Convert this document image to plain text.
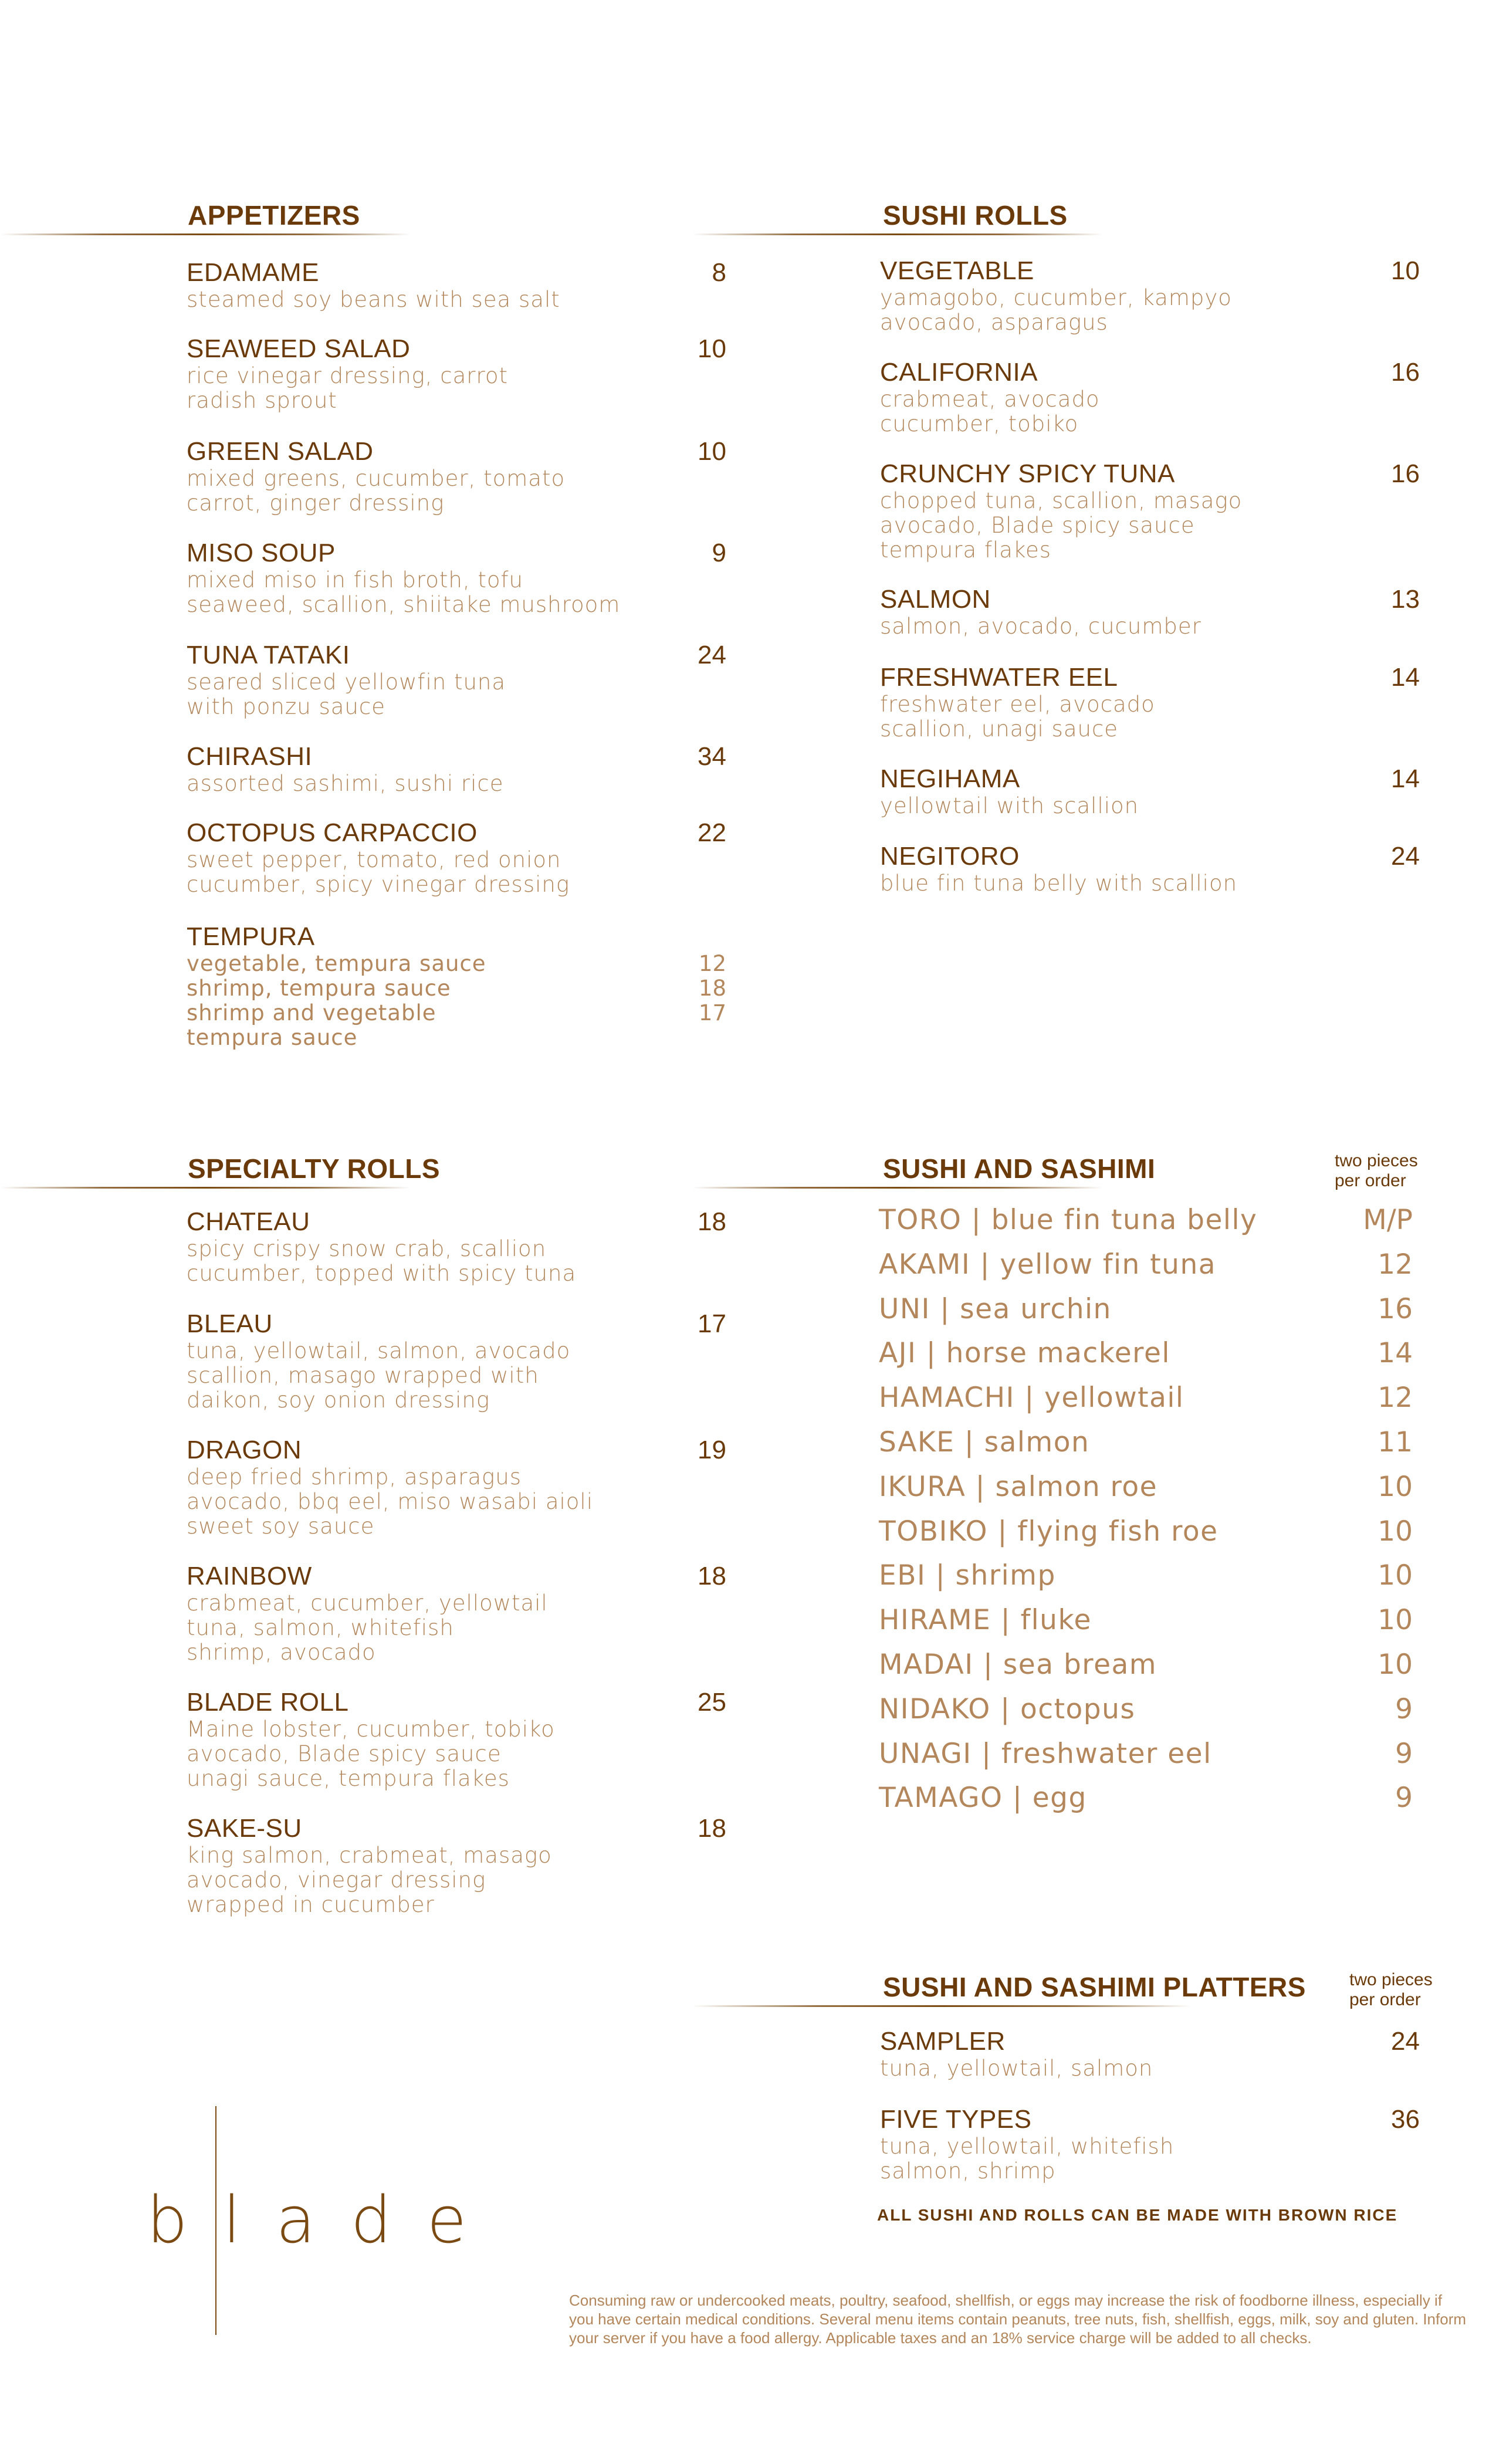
APPETIZERS
EDAMAME	8
steamed soy beans with sea salt
SEAWEED SALAD	10
rice vinegar dressing, carrot
radish sprout
GREEN SALAD	10
mixed greens, cucumber, tomato
carrot, ginger dressing
MISO SOUP	9
mixed miso in fish broth, tofu
seaweed, scallion, shiitake mushroom
TUNA TATAKI	24
seared sliced yellowfin tuna
with ponzu sauce
CHIRASHI	34
assorted sashimi, sushi rice
OCTOPUS CARPACCIO	22
sweet pepper, tomato, red onion
cucumber, spicy vinegar dressing
TEMPURA
vegetable, tempura sauce	12
shrimp, tempura sauce	18
shrimp and vegetable	17
tempura sauce
SUSHI ROLLS
VEGETABLE	10
yamagobo, cucumber, kampyo
avocado, asparagus
CALIFORNIA	16
crabmeat, avocado
cucumber, tobiko
CRUNCHY SPICY TUNA	16
chopped tuna, scallion, masago
avocado, Blade spicy sauce
tempura flakes
SALMON	13
salmon, avocado, cucumber
FRESHWATER EEL	14
freshwater eel, avocado
scallion, unagi sauce
NEGIHAMA	14
yellowtail with scallion
NEGITORO	24
blue fin tuna belly with scallion
SPECIALTY ROLLS
CHATEAU	18
spicy crispy snow crab, scallion
cucumber, topped with spicy tuna
BLEAU	17
tuna, yellowtail, salmon, avocado
scallion, masago wrapped with
daikon, soy onion dressing
DRAGON	19
deep fried shrimp, asparagus
avocado, bbq eel, miso wasabi aioli
sweet soy sauce
RAINBOW	18
crabmeat, cucumber, yellowtail
tuna, salmon, whitefish
shrimp, avocado
BLADE ROLL	25
Maine lobster, cucumber, tobiko
avocado, Blade spicy sauce
unagi sauce, tempura flakes
SAKE-SU	18
king salmon, crabmeat, masago
avocado, vinegar dressing
wrapped in cucumber
SUSHI AND SASHIMI	two pieces
per order
TORO | blue fin tuna belly	M/P
AKAMI | yellow fin tuna	12
UNI | sea urchin	16
AJI | horse mackerel	14
HAMACHI | yellowtail	12
SAKE | salmon	11
IKURA | salmon roe	10
TOBIKO | flying fish roe	10
EBI | shrimp	10
HIRAME | fluke	10
MADAI | sea bream	10
NIDAKO | octopus	9
UNAGI | freshwater eel	9
TAMAGO | egg	9
SUSHI AND SASHIMI PLATTERS two pieces
per order
SAMPLER	24
tuna, yellowtail, salmon
FIVE TYPES	36
tuna, yellowtail, whitefish
salmon, shrimp
ALL SUSHI AND ROLLS CAN BE MADE WITH BROWN RICE
blade
Consuming raw or undercooked meats, poultry, seafood, shellfish, or eggs may increase the risk of foodborne illness, especially if you have certain medical conditions. Several menu items contain peanuts, tree nuts, fish, shellfish, eggs, milk, soy and gluten. Inform your server if you have a food allergy. Applicable taxes and an 18% service charge will be added to all checks.
